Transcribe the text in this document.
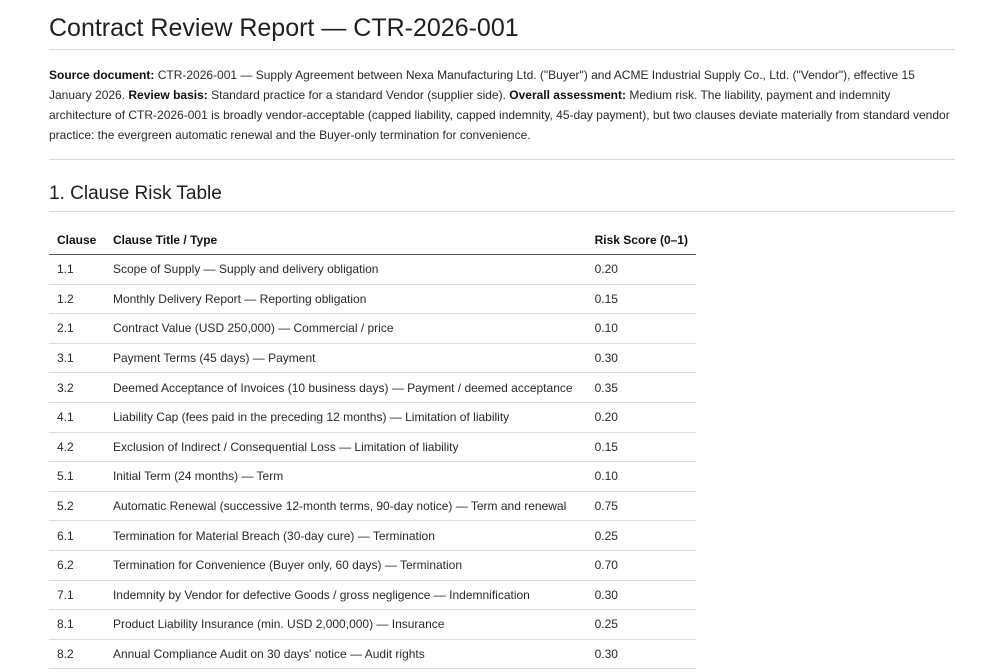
Contract Review Report — CTR-2026-001
Source document: CTR-2026-001 — Supply Agreement between Nexa Manufacturing Ltd. ("Buyer") and ACME Industrial Supply Co., Ltd. ("Vendor"), effective 15 January 2026. Review basis: Standard practice for a standard Vendor (supplier side). Overall assessment: Medium risk. The liability, payment and indemnity architecture of CTR-2026-001 is broadly vendor-acceptable (capped liability, capped indemnity, 45-day payment), but two clauses deviate materially from standard vendor practice: the evergreen automatic renewal and the Buyer-only termination for convenience.
1. Clause Risk Table
Clause	Clause Title / Type	Risk Score (0–1)
1.1	Scope of Supply — Supply and delivery obligation	0.20
1.2	Monthly Delivery Report — Reporting obligation	0.15
2.1	Contract Value (USD 250,000) — Commercial / price	0.10
3.1	Payment Terms (45 days) — Payment	0.30
3.2	Deemed Acceptance of Invoices (10 business days) — Payment / deemed acceptance	0.35
4.1	Liability Cap (fees paid in the preceding 12 months) — Limitation of liability	0.20
4.2	Exclusion of Indirect / Consequential Loss — Limitation of liability	0.15
5.1	Initial Term (24 months) — Term	0.10
5.2	Automatic Renewal (successive 12-month terms, 90-day notice) — Term and renewal	0.75
6.1	Termination for Material Breach (30-day cure) — Termination	0.25
6.2	Termination for Convenience (Buyer only, 60 days) — Termination	0.70
7.1	Indemnity by Vendor for defective Goods / gross negligence — Indemnification	0.30
8.1	Product Liability Insurance (min. USD 2,000,000) — Insurance	0.25
8.2	Annual Compliance Audit on 30 days' notice — Audit rights	0.30
